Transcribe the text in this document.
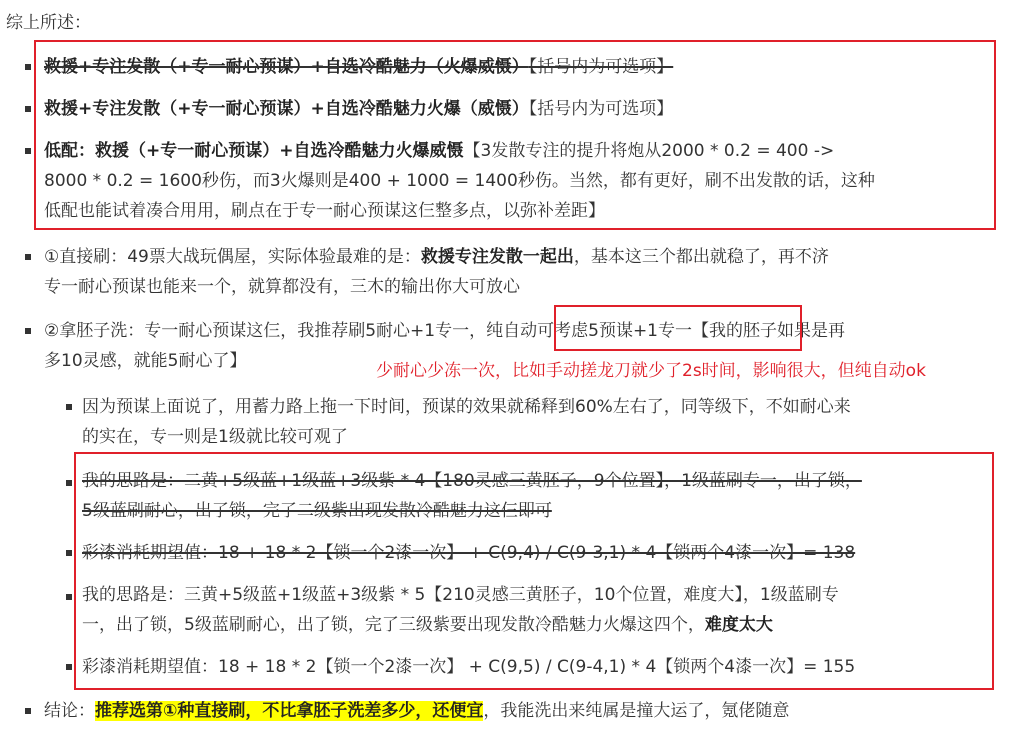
综上所述：
救援+专注发散（+专一耐心预谋）+自选冷酷魅力（火爆威慑）【括号内为可选项】
救援+专注发散（+专一耐心预谋）+自选冷酷魅力火爆（威慑）【括号内为可选项】
低配：救援（+专一耐心预谋）+自选冷酷魅力火爆威慑【3发散专注的提升将炮从2000 * 0.2 = 400 ->
8000 * 0.2 = 1600秒伤，而3火爆则是400 + 1000 = 1400秒伤。当然，都有更好，刷不出发散的话，这种
低配也能试着凑合用用，刷点在于专一耐心预谋这仨整多点，以弥补差距】
①直接刷：49票大战玩偶屋，实际体验最难的是：救援专注发散一起出，基本这三个都出就稳了，再不济
专一耐心预谋也能来一个，就算都没有，三木的输出你大可放心
②拿胚子洗：专一耐心预谋这仨，我推荐刷5耐心+1专一，纯自动可考虑5预谋+1专一【我的胚子如果是再
多10灵感，就能5耐心了】	少耐心少冻一次，比如手动搓龙刀就少了2s时间，影响很大，但纯自动ok
因为预谋上面说了，用蓄力路上拖一下时间，预谋的效果就稀释到60%左右了，同等级下，不如耐心来
的实在，专一则是1级就比较可观了
我的思路是：二黄+5级蓝+1级蓝+3级紫 * 4【180灵感三黄胚子，9个位置】，1级蓝刷专一，出了锁，
5级蓝刷耐心，出了锁，完了二级紫出现发散冷酷魅力这仨即可
彩漆消耗期望值：18 + 18 * 2【锁一个2漆一次】 + C(9,4) / C(9-3,1) * 4【锁两个4漆一次】= 138
我的思路是：三黄+5级蓝+1级蓝+3级紫 * 5【210灵感三黄胚子，10个位置，难度大】，1级蓝刷专
一，出了锁，5级蓝刷耐心，出了锁，完了三级紫要出现发散冷酷魅力火爆这四个，难度太大
彩漆消耗期望值：18 + 18 * 2【锁一个2漆一次】 + C(9,5) / C(9-4,1) * 4【锁两个4漆一次】= 155
结论：推荐选第①种直接刷，不比拿胚子洗差多少，还便宜，我能洗出来纯属是撞大运了，氪佬随意
